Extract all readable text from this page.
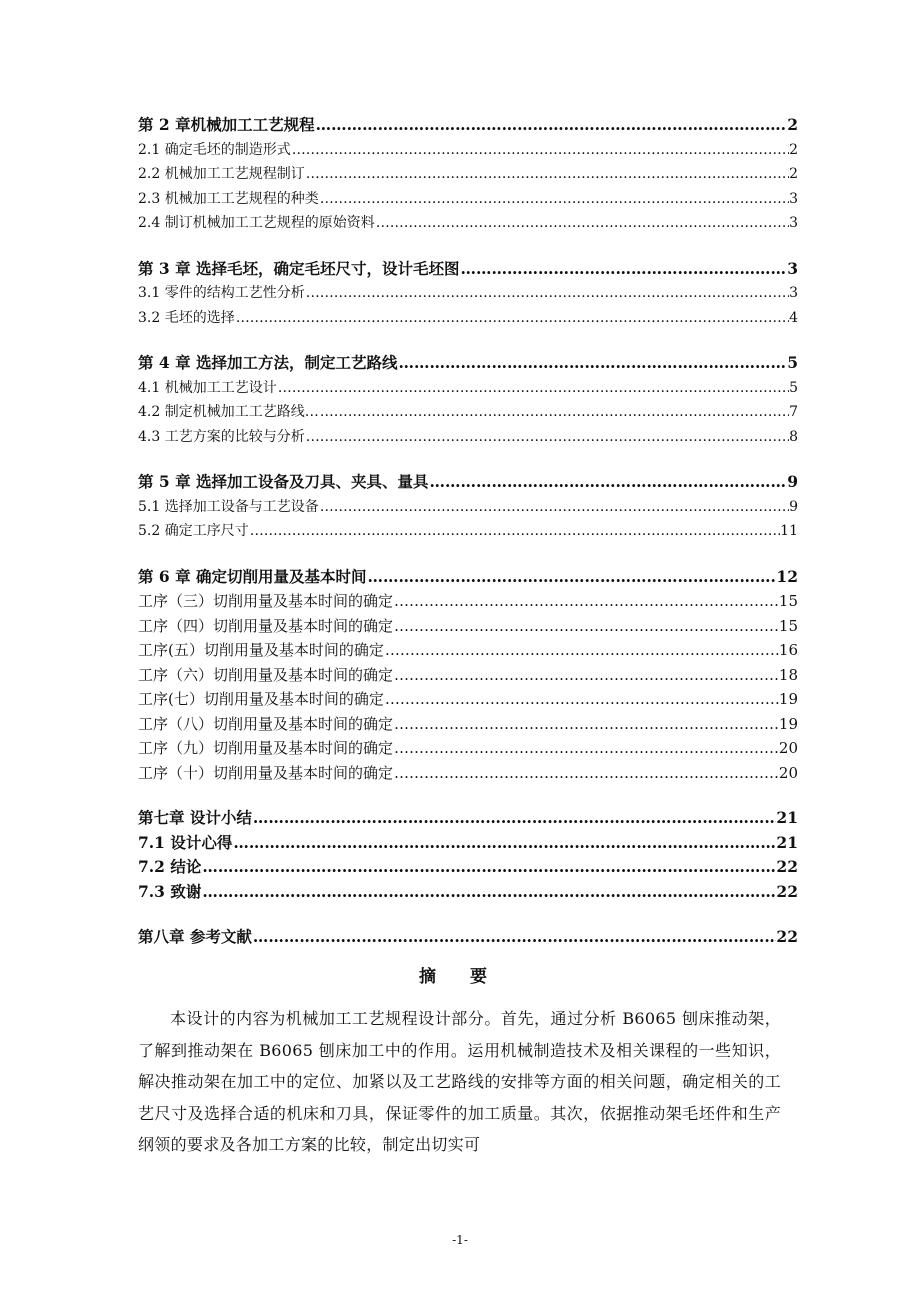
第 2 章机械加工工艺规程 ……………………………………………………………………………………………………………………………………………………………………………………	2
2.1 确定毛坯的制造形式 ……………………………………………………………………………………………………………………………………………………………………………………	2
2.2 机械加工工艺规程制订 ……………………………………………………………………………………………………………………………………………………………………………………	2
2.3 机械加工工艺规程的种类 ……………………………………………………………………………………………………………………………………………………………………………………	3
2.4 制订机械加工工艺规程的原始资料 ……………………………………………………………………………………………………………………………………………………………………………………	3
第 3 章 选择毛坯，确定毛坯尺寸，设计毛坯图 ……………………………………………………………………………………………………………………………………………………………………………………	3
3.1 零件的结构工艺性分析 ……………………………………………………………………………………………………………………………………………………………………………………	3
3.2 毛坯的选择 ……………………………………………………………………………………………………………………………………………………………………………………	4
第 4 章 选择加工方法，制定工艺路线 ……………………………………………………………………………………………………………………………………………………………………………………	5
4.1 机械加工工艺设计 ……………………………………………………………………………………………………………………………………………………………………………………	5
4.2 制定机械加工工艺路线… ……………………………………………………………………………………………………………………………………………………………………………………	7
4.3 工艺方案的比较与分析 ……………………………………………………………………………………………………………………………………………………………………………………	8
第 5 章 选择加工设备及刀具、夹具、量具 ……………………………………………………………………………………………………………………………………………………………………………………	9
5.1 选择加工设备与工艺设备 ……………………………………………………………………………………………………………………………………………………………………………………	9
5.2 确定工序尺寸 ……………………………………………………………………………………………………………………………………………………………………………………	11
第 6 章 确定切削用量及基本时间 ……………………………………………………………………………………………………………………………………………………………………………………	12
工序（三）切削用量及基本时间的确定 ……………………………………………………………………………………………………………………………………………………………………………………	15
工序（四）切削用量及基本时间的确定 ……………………………………………………………………………………………………………………………………………………………………………………	15
工序(五）切削用量及基本时间的确定 ……………………………………………………………………………………………………………………………………………………………………………………	16
工序（六）切削用量及基本时间的确定 ……………………………………………………………………………………………………………………………………………………………………………………	18
工序(七）切削用量及基本时间的确定 ……………………………………………………………………………………………………………………………………………………………………………………	19
工序（八）切削用量及基本时间的确定 ……………………………………………………………………………………………………………………………………………………………………………………	19
工序（九）切削用量及基本时间的确定 ……………………………………………………………………………………………………………………………………………………………………………………	20
工序（十）切削用量及基本时间的确定 ……………………………………………………………………………………………………………………………………………………………………………………	20
第七章 设计小结 ……………………………………………………………………………………………………………………………………………………………………………………	21
7.1 设计心得 ……………………………………………………………………………………………………………………………………………………………………………………	21
7.2 结论 ……………………………………………………………………………………………………………………………………………………………………………………	22
7.3 致谢 ……………………………………………………………………………………………………………………………………………………………………………………	22
第八章 参考文献 ……………………………………………………………………………………………………………………………………………………………………………………	22
摘 要
本设计的内容为机械加工工艺规程设计部分。首先，通过分析 B6065 刨床推动架，了解到推动架在 B6065 刨床加工中的作用。运用机械制造技术及相关课程的一些知识，解决推动架在加工中的定位、加紧以及工艺路线的安排等方面的相关问题，确定相关的工艺尺寸及选择合适的机床和刀具，保证零件的加工质量。其次，依据推动架毛坯件和生产纲领的要求及各加工方案的比较，制定出切实可
-1-
